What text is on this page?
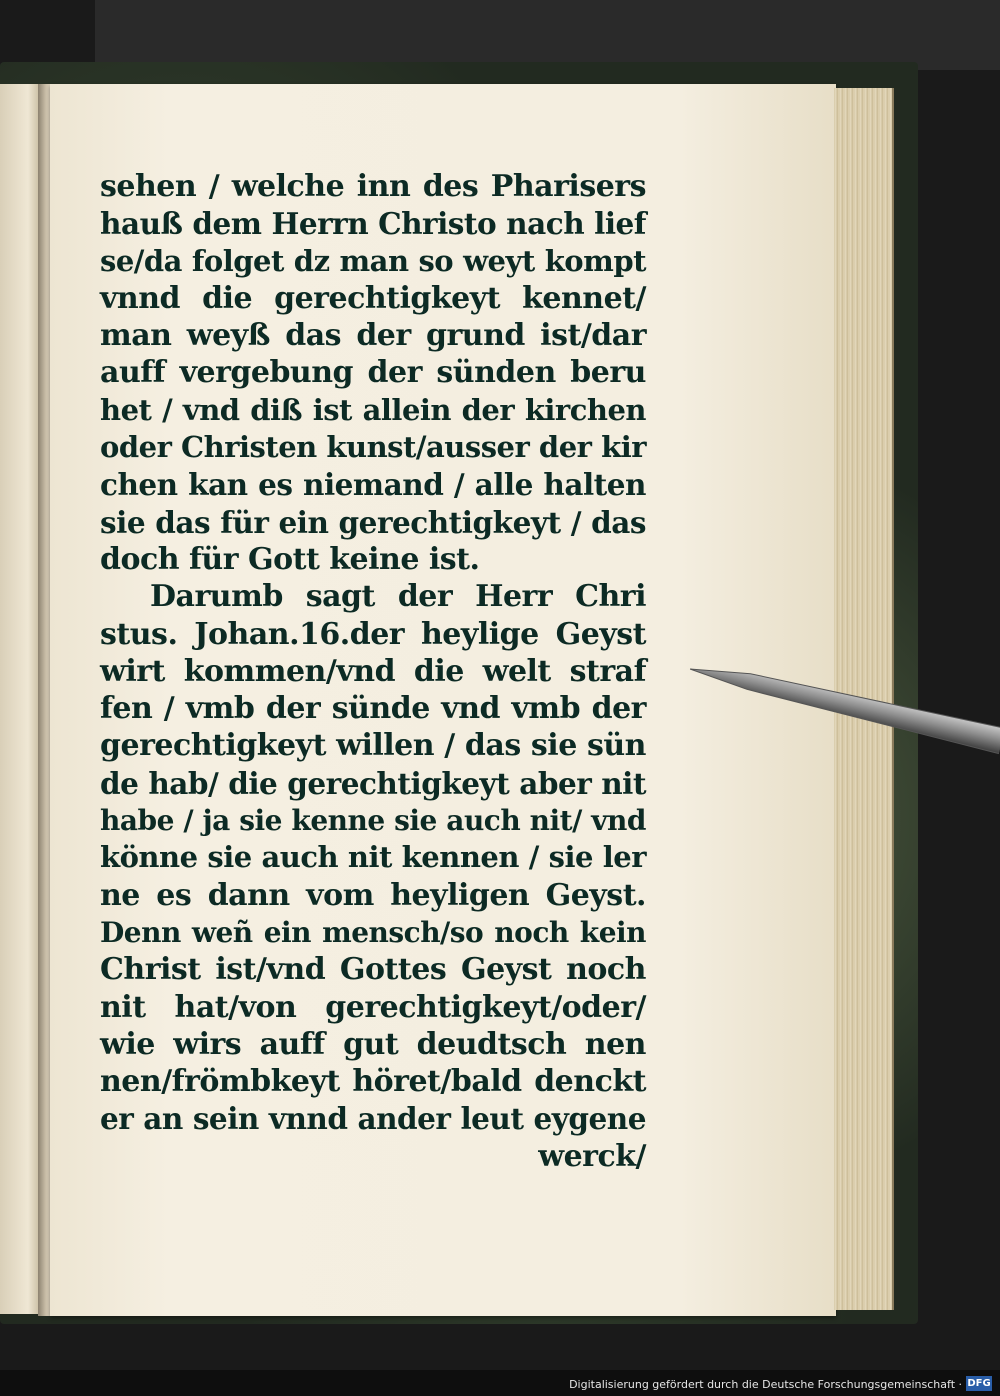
sehen / welche inn des Pharisers
hauß dem Herrn Christo nach lief
se/da folget dz man so weyt kompt
vnnd die gerechtigkeyt kennet/
man weyß das der grund ist/dar
auff vergebung der sünden beru
het / vnd diß ist allein der kirchen
oder Christen kunst/ausser der kir
chen kan es niemand / alle halten
sie das für ein gerechtigkeyt / das
doch für Gott keine ist.
Darumb sagt der Herr Chri
stus. Johan.16.der heylige Geyst
wirt kommen/vnd die welt straf
fen / vmb der sünde vnd vmb der
gerechtigkeyt willen / das sie sün
de hab/ die gerechtigkeyt aber nit
habe / ja sie kenne sie auch nit/ vnd
könne sie auch nit kennen / sie ler
ne es dann vom heyligen Geyst.
Denn weñ ein mensch/so noch kein
Christ ist/vnd Gottes Geyst noch
nit hat/von gerechtigkeyt/oder/
wie wirs auff gut deudtsch nen
nen/frömbkeyt höret/bald denckt
er an sein vnnd ander leut eygene
werck/
Digitalisierung gefördert durch die Deutsche Forschungsgemeinschaft · DFG
